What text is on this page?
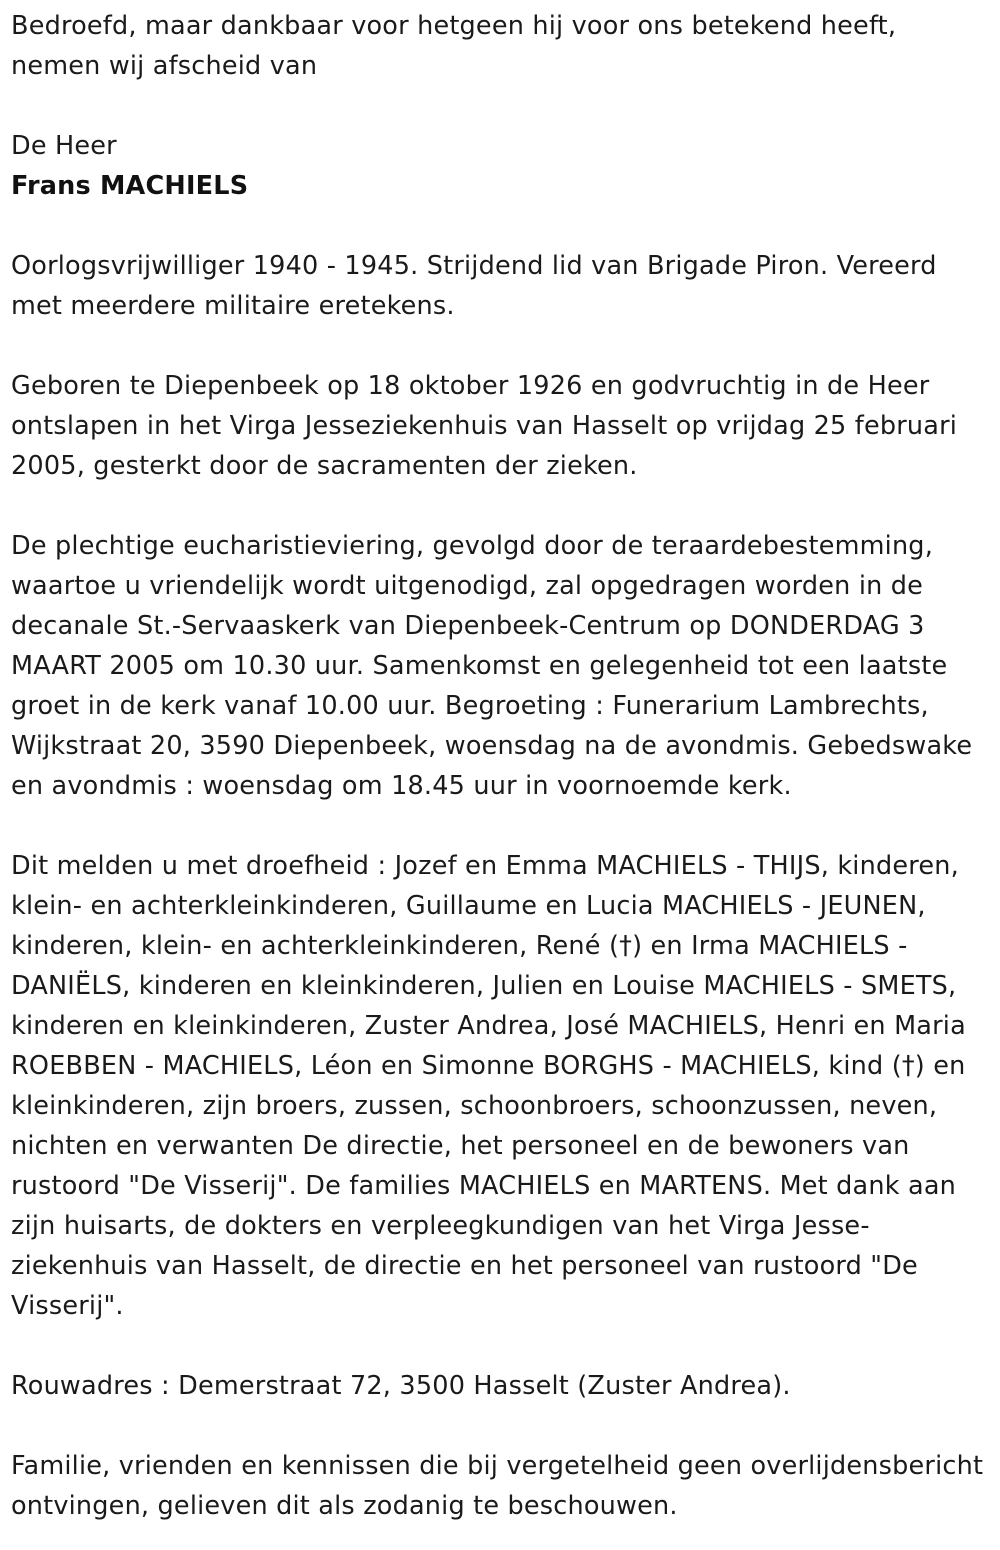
Bedroefd, maar dankbaar voor hetgeen hij voor ons betekend heeft, nemen wij afscheid van

De Heer

Frans MACHIELS

Oorlogsvrijwilliger 1940 - 1945. Strijdend lid van Brigade Piron. Vereerd met meerdere militaire eretekens.

Geboren te Diepenbeek op 18 oktober 1926 en godvruchtig in de Heer ontslapen in het Virga Jesseziekenhuis van Hasselt op vrijdag 25 februari 2005, gesterkt door de sacramenten der zieken.

De plechtige eucharistieviering, gevolgd door de teraardebestemming, waartoe u vriendelijk wordt uitgenodigd, zal opgedragen worden in de decanale St.-Servaaskerk van Diepenbeek-Centrum op DONDERDAG 3 MAART 2005 om 10.30 uur. Samenkomst en gelegenheid tot een laatste groet in de kerk vanaf 10.00 uur. Begroeting : Funerarium Lambrechts, Wijkstraat 20, 3590 Diepenbeek, woensdag na de avondmis. Gebedswake en avondmis : woensdag om 18.45 uur in voornoemde kerk.

Dit melden u met droefheid : Jozef en Emma MACHIELS - THIJS, kinderen, klein- en achterkleinkinderen, Guillaume en Lucia MACHIELS - JEUNEN, kinderen, klein- en achterkleinkinderen, René (†) en Irma MACHIELS - DANIËLS, kinderen en kleinkinderen, Julien en Louise MACHIELS - SMETS, kinderen en kleinkinderen, Zuster Andrea, José MACHIELS, Henri en Maria ROEBBEN - MACHIELS, Léon en Simonne BORGHS - MACHIELS, kind (†) en kleinkinderen, zijn broers, zussen, schoonbroers, schoonzussen, neven, nichten en verwanten De directie, het personeel en de bewoners van rustoord "De Visserij". De families MACHIELS en MARTENS. Met dank aan zijn huisarts, de dokters en verpleegkundigen van het Virga Jesse-ziekenhuis van Hasselt, de directie en het personeel van rustoord "De Visserij".

Rouwadres : Demerstraat 72, 3500 Hasselt (Zuster Andrea).

Familie, vrienden en kennissen die bij vergetelheid geen overlijdensbericht ontvingen, gelieven dit als zodanig te beschouwen.
